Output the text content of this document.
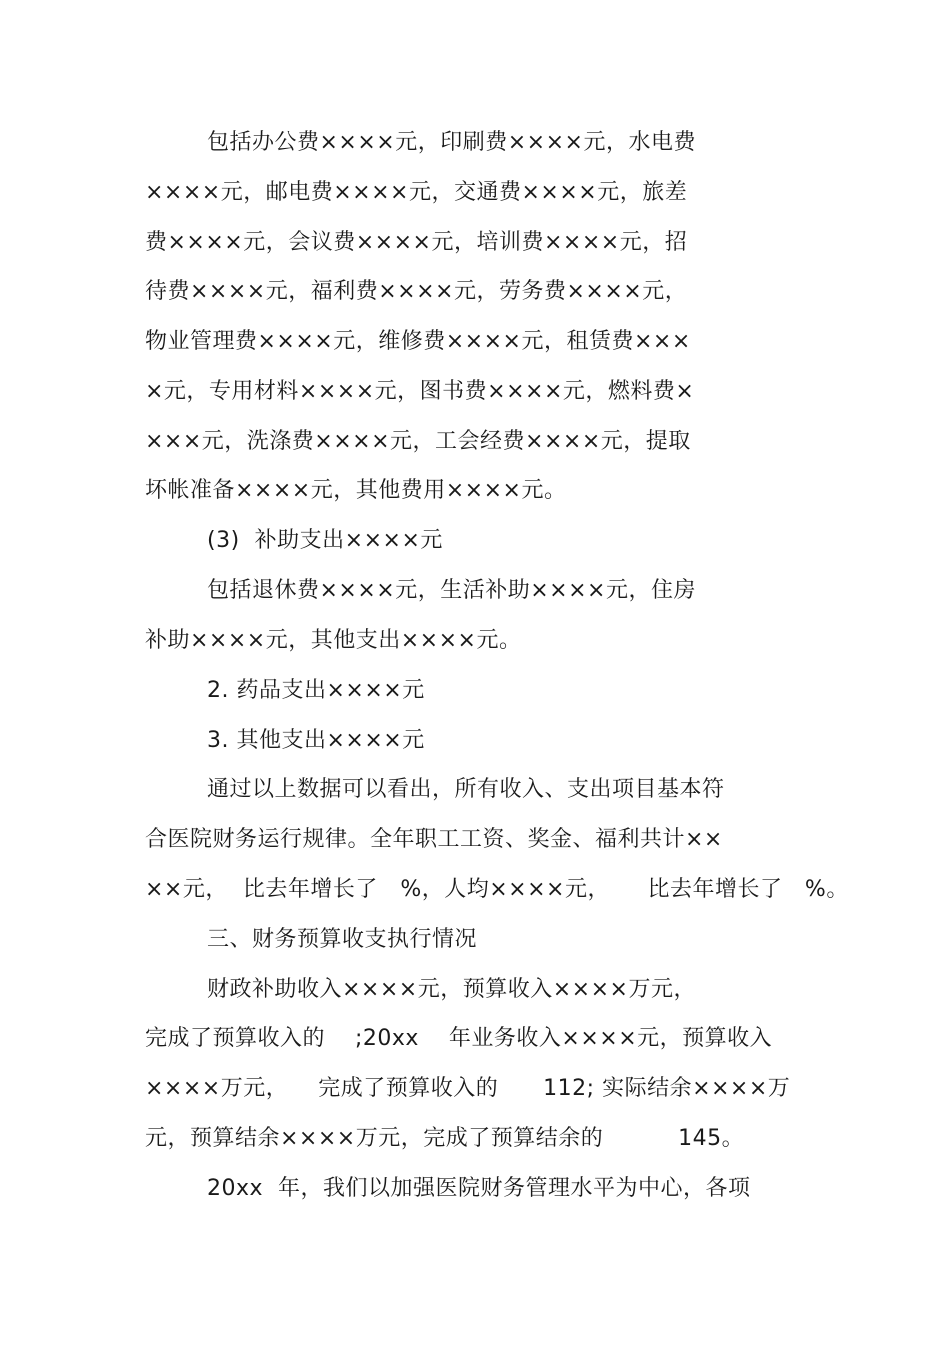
包括办公费××××元，印刷费××××元，水电费
××××元，邮电费××××元，交通费××××元，旅差
费××××元，会议费××××元，培训费××××元，招
待费××××元，福利费××××元，劳务费××××元，
物业管理费××××元，维修费××××元，租赁费×××
×元，专用材料××××元，图书费××××元，燃料费×
×××元，洗涤费××××元，工会经费××××元，提取
坏帐准备××××元，其他费用××××元。
(3)  补助支出××××元
包括退休费××××元，生活补助××××元，住房
补助××××元，其他支出××××元。
2. 药品支出××××元
3. 其他支出××××元
通过以上数据可以看出，所有收入、支出项目基本符
合医院财务运行规律。全年职工工资、奖金、福利共计××
××元，  比去年增长了   %，人均××××元，     比去年增长了   %。
三、财务预算收支执行情况
财政补助收入××××元，预算收入××××万元，
完成了预算收入的    ;20xx    年业务收入××××元，预算收入
××××万元，    完成了预算收入的      112; 实际结余××××万
元，预算结余××××万元，完成了预算结余的          145。
20xx  年，我们以加强医院财务管理水平为中心，各项
